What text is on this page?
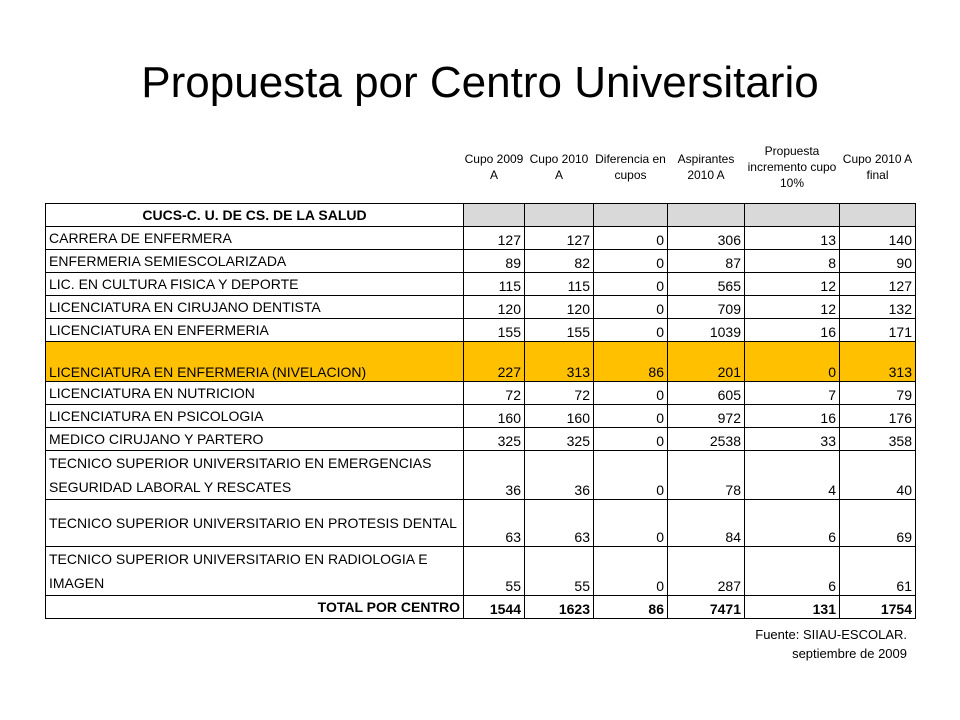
Propuesta por Centro Universitario
	Cupo 2009 A	Cupo 2010 A	Diferencia en cupos	Aspirantes 2010 A	Propuesta incremento cupo 10%	Cupo 2010 A final
CUCS-C. U. DE CS. DE LA SALUD						
CARRERA DE ENFERMERA	127	127	0	306	13	140
ENFERMERIA SEMIESCOLARIZADA	89	82	0	87	8	90
LIC. EN CULTURA FISICA Y DEPORTE	115	115	0	565	12	127
LICENCIATURA EN CIRUJANO DENTISTA	120	120	0	709	12	132
LICENCIATURA EN ENFERMERIA	155	155	0	1039	16	171
LICENCIATURA EN ENFERMERIA (NIVELACION)	227	313	86	201	0	313
LICENCIATURA EN NUTRICION	72	72	0	605	7	79
LICENCIATURA EN PSICOLOGIA	160	160	0	972	16	176
MEDICO CIRUJANO Y PARTERO	325	325	0	2538	33	358
TECNICO SUPERIOR UNIVERSITARIO EN EMERGENCIAS SEGURIDAD LABORAL Y RESCATES	36	36	0	78	4	40
TECNICO SUPERIOR UNIVERSITARIO EN PROTESIS DENTAL	63	63	0	84	6	69
TECNICO SUPERIOR UNIVERSITARIO EN RADIOLOGIA E IMAGEN	55	55	0	287	6	61
TOTAL POR CENTRO	1544	1623	86	7471	131	1754
Fuente: SIIAU-ESCOLAR.
septiembre de 2009
